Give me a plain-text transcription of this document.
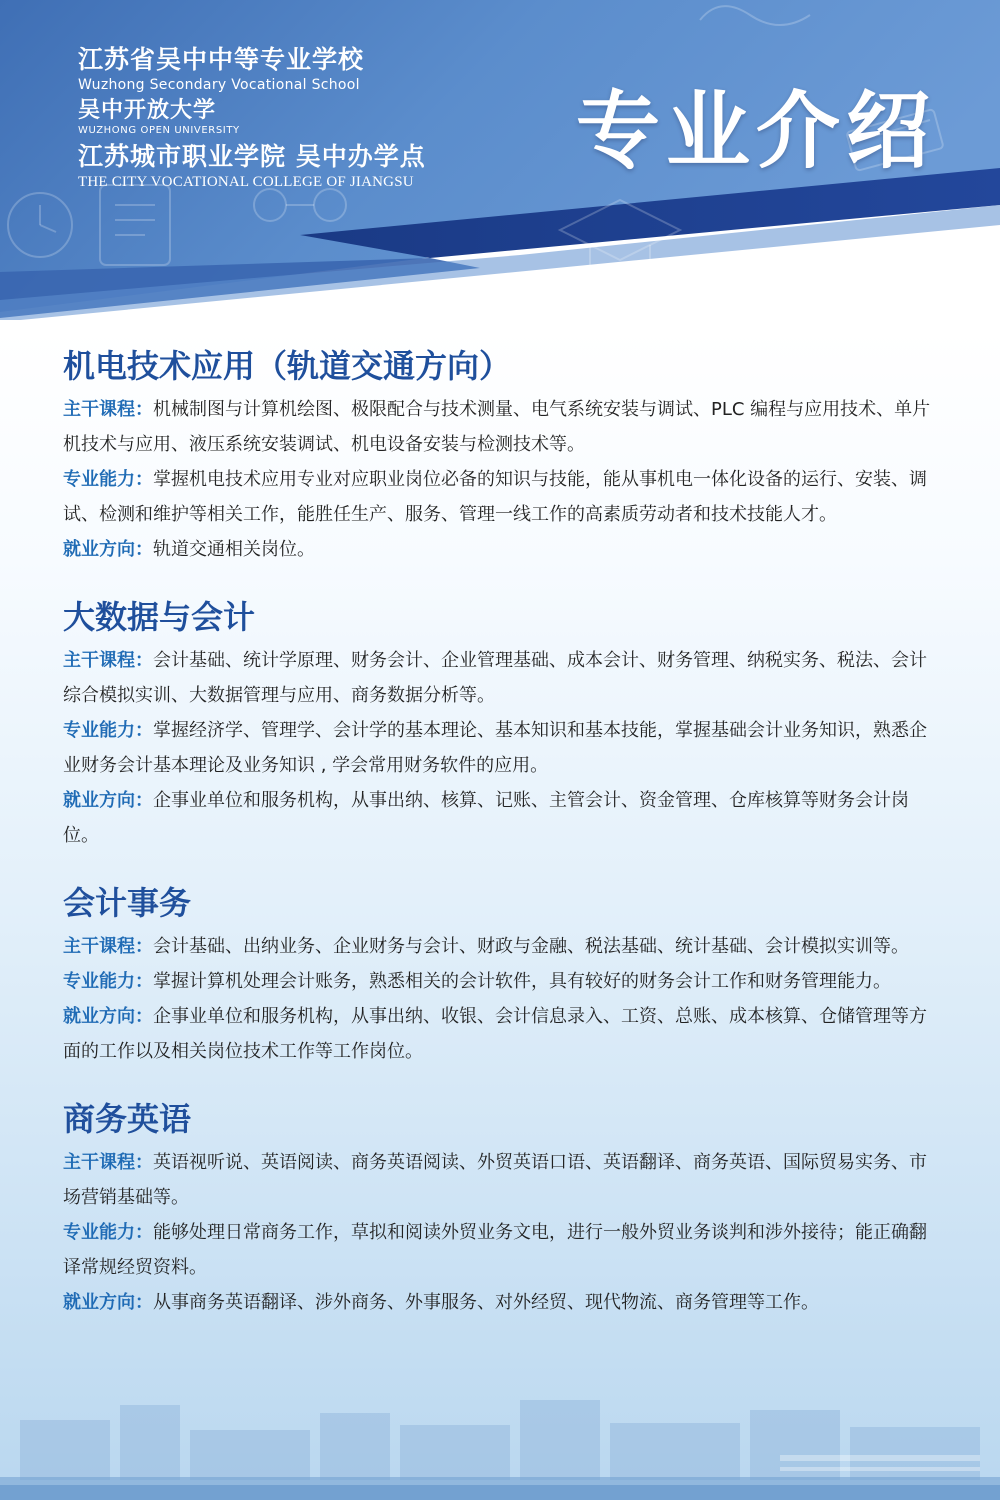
江苏省吴中中等专业学校
Wuzhong Secondary Vocational School
吴中开放大学
WUZHONG OPEN UNIVERSITY
江苏城市职业学院 吴中办学点
THE CITY VOCATIONAL COLLEGE OF JIANGSU
专业介绍
机电技术应用（轨道交通方向）

主干课程：机械制图与计算机绘图、极限配合与技术测量、电气系统安装与调试、PLC 编程与应用技术、单片机技术与应用、液压系统安装调试、机电设备安装与检测技术等。

专业能力：掌握机电技术应用专业对应职业岗位必备的知识与技能，能从事机电一体化设备的运行、安装、调试、检测和维护等相关工作，能胜任生产、服务、管理一线工作的高素质劳动者和技术技能人才。

就业方向：轨道交通相关岗位。

大数据与会计

主干课程：会计基础、统计学原理、财务会计、企业管理基础、成本会计、财务管理、纳税实务、税法、会计综合模拟实训、大数据管理与应用、商务数据分析等。

专业能力：掌握经济学、管理学、会计学的基本理论、基本知识和基本技能，掌握基础会计业务知识，熟悉企业财务会计基本理论及业务知识 , 学会常用财务软件的应用。

就业方向：企事业单位和服务机构，从事出纳、核算、记账、主管会计、资金管理、仓库核算等财务会计岗位。

会计事务

主干课程：会计基础、出纳业务、企业财务与会计、财政与金融、税法基础、统计基础、会计模拟实训等。

专业能力：掌握计算机处理会计账务，熟悉相关的会计软件，具有较好的财务会计工作和财务管理能力。

就业方向：企事业单位和服务机构，从事出纳、收银、会计信息录入、工资、总账、成本核算、仓储管理等方面的工作以及相关岗位技术工作等工作岗位。

商务英语

主干课程：英语视听说、英语阅读、商务英语阅读、外贸英语口语、英语翻译、商务英语、国际贸易实务、市场营销基础等。

专业能力：能够处理日常商务工作，草拟和阅读外贸业务文电，进行一般外贸业务谈判和涉外接待；能正确翻译常规经贸资料。

就业方向：从事商务英语翻译、涉外商务、外事服务、对外经贸、现代物流、商务管理等工作。
